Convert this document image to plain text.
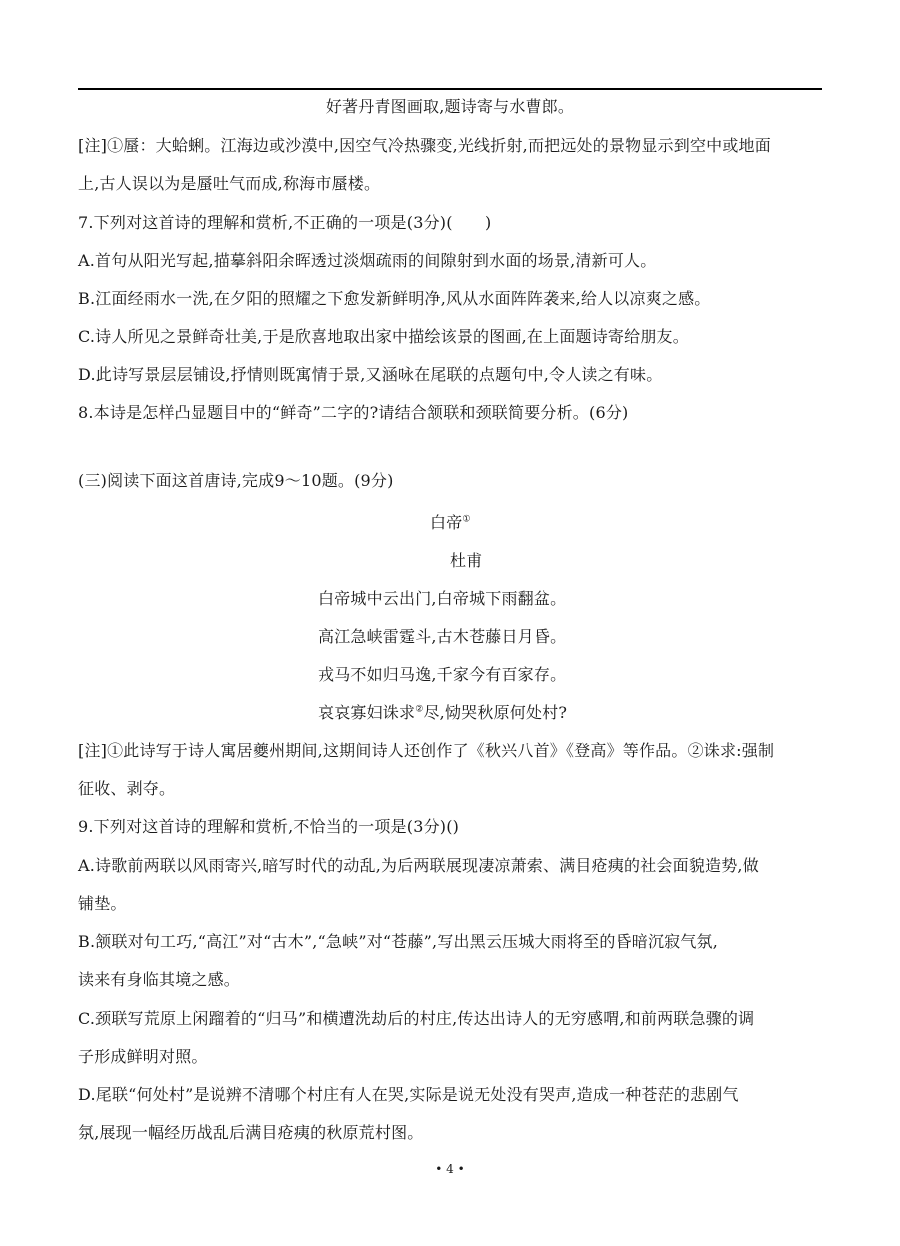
好著丹青图画取,题诗寄与水曹郎。
[注]①蜃：大蛤蜊。江海边或沙漠中,因空气冷热骤变,光线折射,而把远处的景物显示到空中或地面
上,古人误以为是蜃吐气而成,称海市蜃楼。
7.下列对这首诗的理解和赏析,不正确的一项是(3分)(　　)
A.首句从阳光写起,描摹斜阳余晖透过淡烟疏雨的间隙射到水面的场景,清新可人。
B.江面经雨水一洗,在夕阳的照耀之下愈发新鲜明净,风从水面阵阵袭来,给人以凉爽之感。
C.诗人所见之景鲜奇壮美,于是欣喜地取出家中描绘该景的图画,在上面题诗寄给朋友。
D.此诗写景层层铺设,抒情则既寓情于景,又涵咏在尾联的点题句中,令人读之有味。
8.本诗是怎样凸显题目中的“鲜奇”二字的?请结合颔联和颈联简要分析。(6分)
(三)阅读下面这首唐诗,完成9～10题。(9分)
白帝①
杜甫
白帝城中云出门,白帝城下雨翻盆。
高江急峡雷霆斗,古木苍藤日月昏。
戎马不如归马逸,千家今有百家存。
哀哀寡妇诛求②尽,恸哭秋原何处村?
[注]①此诗写于诗人寓居夔州期间,这期间诗人还创作了《秋兴八首》《登高》等作品。②诛求:强制
征收、剥夺。
9.下列对这首诗的理解和赏析,不恰当的一项是(3分)()
A.诗歌前两联以风雨寄兴,暗写时代的动乱,为后两联展现凄凉萧索、满目疮痍的社会面貌造势,做
铺垫。
B.颔联对句工巧,“高江”对“古木”,“急峡”对“苍藤”,写出黑云压城大雨将至的昏暗沉寂气氛,
读来有身临其境之感。
C.颈联写荒原上闲蹓着的“归马”和横遭洗劫后的村庄,传达出诗人的无穷感喟,和前两联急骤的调
子形成鲜明对照。
D.尾联“何处村”是说辨不清哪个村庄有人在哭,实际是说无处没有哭声,造成一种苍茫的悲剧气
氛,展现一幅经历战乱后满目疮痍的秋原荒村图。
• 4 •
